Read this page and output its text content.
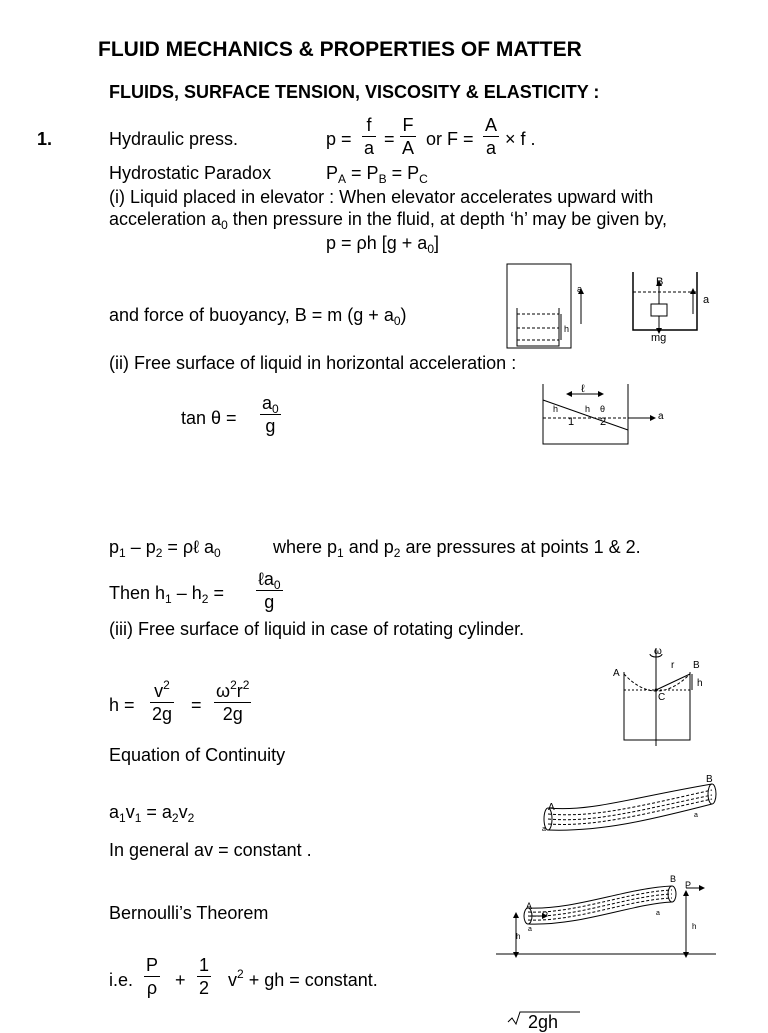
FLUID MECHANICS & PROPERTIES OF MATTER
FLUIDS, SURFACE TENSION, VISCOSITY & ELASTICITY :
1.	Hydraulic press.	$p = \frac{f}{a} = \frac{F}{A}$ or $F = \frac{A}{a} \times f$ .
Hydrostatic Paradox	$P_A = P_B = P_C$
(i) Liquid placed in elevator : When elevator accelerates upward with
acceleration $a_0$ then pressure in the fluid, at depth ‘h’ may be given by,
p = ρh $[g + a_0]$
h
a
and force of buoyancy, B = m $(g + a_0)$
B
mg
a
(ii) Free surface of liquid in horizontal acceleration :
$\tan \theta = \frac{a_0}{g}$
ℓ
h	h θ
1 2	a
$p_1 - p_2$ = ρℓ $a_0$	where $p_1$ and $p_2$ are pressures at points 1 & 2.
Then $h_1 - h_2$ =
ℓa$_0$
g
(iii) Free surface of liquid in case of rotating cylinder.
ω
r
A
B
C
h
$h = \frac{v^2}{2g} = \frac{\omega^2r^2}{2g}$
Equation of Continuity
$a_1v_1 = a_2v_2$
In general av = constant .
A
B
a
a
Bernoulli’s Theorem	A
B
P
P
h
h
a
a
i.e. $\frac{P}{\rho} + \frac{1}{2} v^2$ + gh = constant.
2gh
